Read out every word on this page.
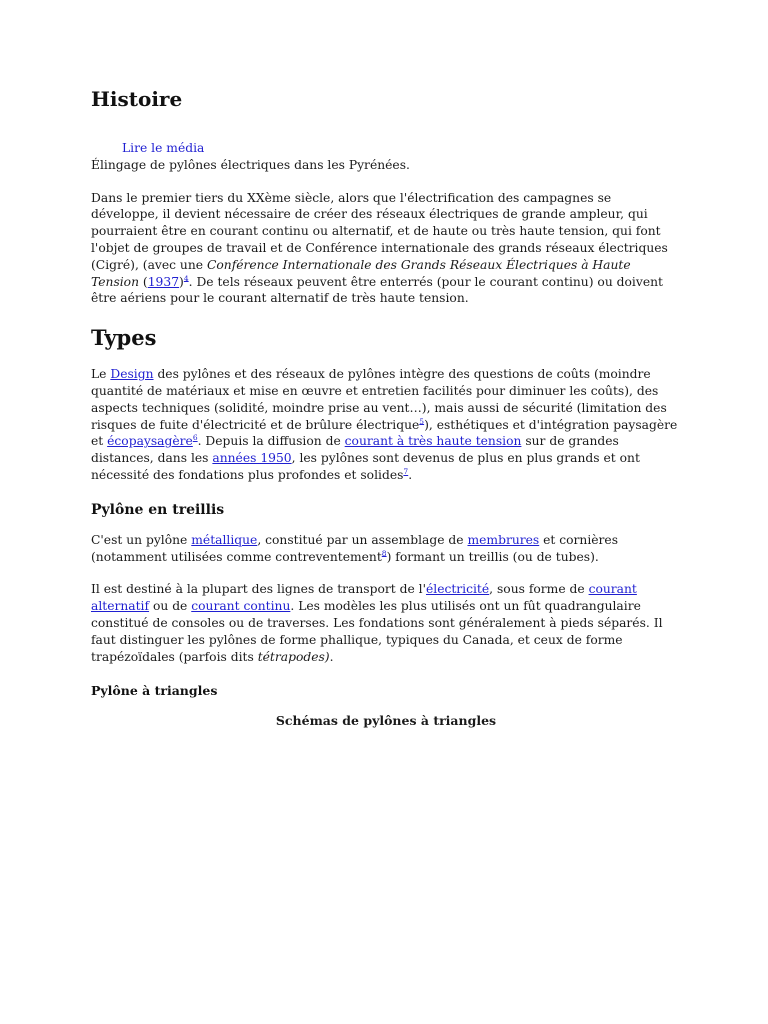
Histoire
Lire le média

Élingage de pylônes électriques dans les Pyrénées.

Dans le premier tiers du XXème siècle, alors que l'électrification des campagnes se développe, il devient nécessaire de créer des réseaux électriques de grande ampleur, qui pourraient être en courant continu ou alternatif, et de haute ou très haute tension, qui font l'objet de groupes de travail et de Conférence internationale des grands réseaux électriques (Cigré), (avec une Conférence Internationale des Grands Réseaux Électriques à Haute Tension $(1937)^4$. De tels réseaux peuvent être enterrés (pour le courant continu) ou doivent être aériens pour le courant alternatif de très haute tension.

Types

Le Design des pylônes et des réseaux de pylônes intègre des questions de coûts (moindre quantité de matériaux et mise en œuvre et entretien facilités pour diminuer les coûts), des aspects techniques (solidité, moindre prise au vent…), mais aussi de sécurité (limitation des risques de fuite d'électricité et de brûlure électrique$^5$), esthétiques et d'intégration paysagère et écopaysagère$^6$. Depuis la diffusion de courant à très haute tension sur de grandes distances, dans les années 1950, les pylônes sont devenus de plus en plus grands et ont nécessité des fondations plus profondes et solides$^7$.

Pylône en treillis

C'est un pylône métallique, constitué par un assemblage de membrures et cornières (notamment utilisées comme contreventement$^8$) formant un treillis (ou de tubes).

Il est destiné à la plupart des lignes de transport de l'électricité, sous forme de courant alternatif ou de courant continu. Les modèles les plus utilisés ont un fût quadrangulaire constitué de consoles ou de traverses. Les fondations sont généralement à pieds séparés. Il faut distinguer les pylônes de forme phallique, typiques du Canada, et ceux de forme trapézoïdales (parfois dits tétrapodes).

Pylône à triangles
Schémas de pylônes à triangles
